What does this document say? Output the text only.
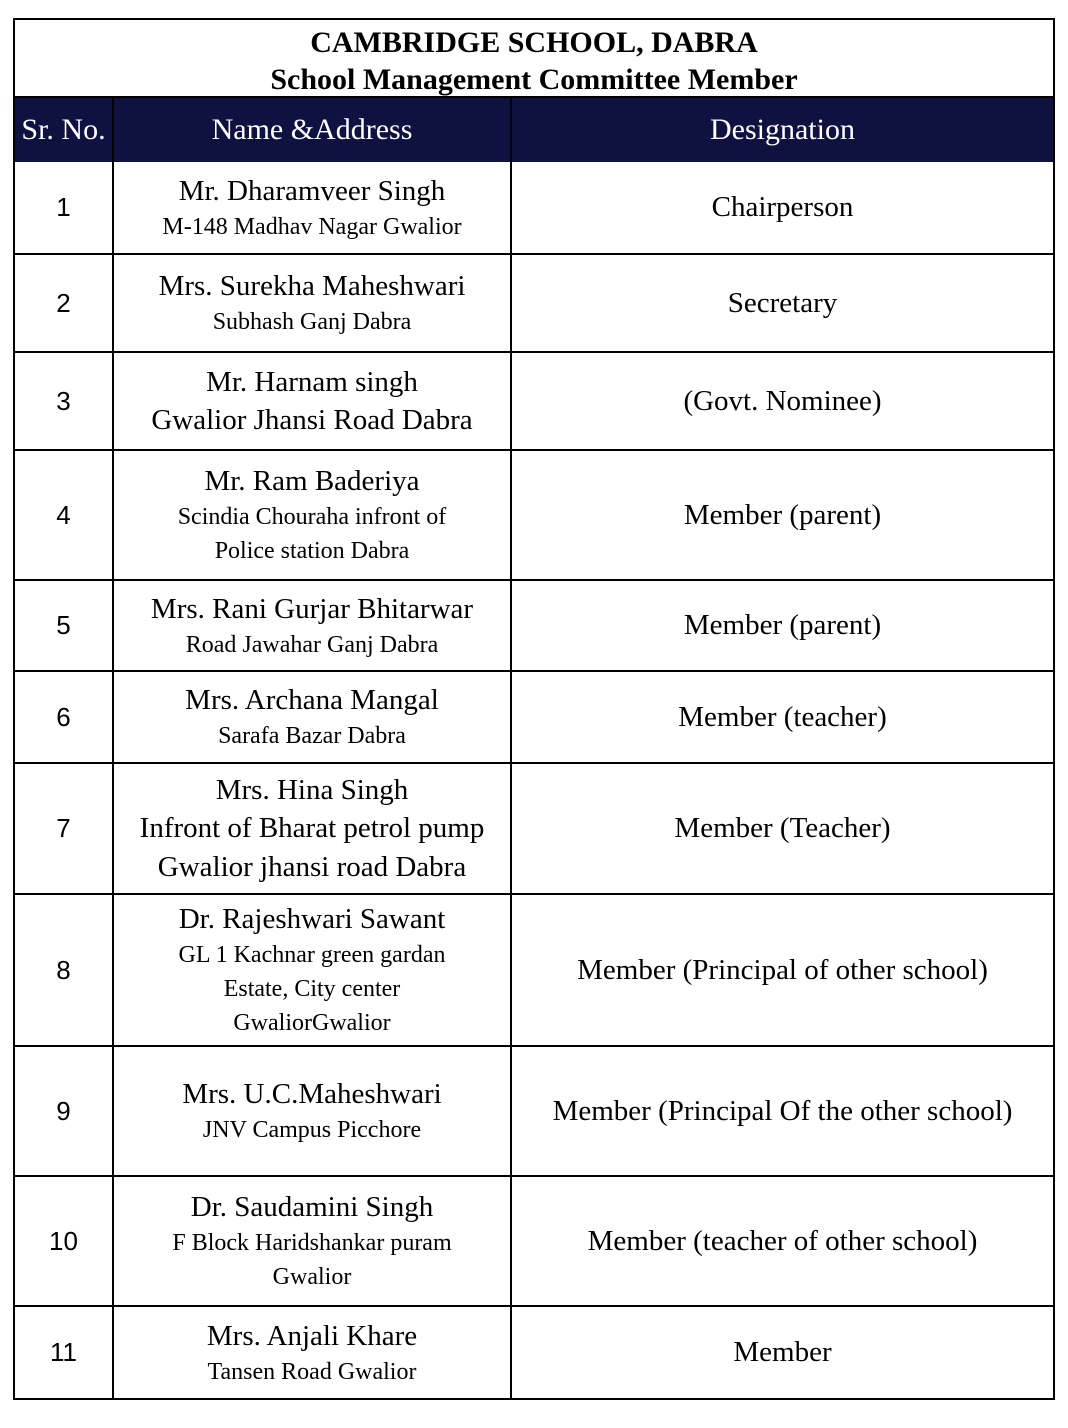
CAMBRIDGE SCHOOL, DABRA
School Management Committee Member
Sr. No.	Name &Address	Designation
1	Mr. Dharamveer Singh
M-148 Madhav Nagar Gwalior	Chairperson
2	Mrs. Surekha Maheshwari
Subhash Ganj Dabra	Secretary
3	Mr. Harnam singh
Gwalior Jhansi Road Dabra	(Govt. Nominee)
4	Mr. Ram Baderiya
Scindia Chouraha infront of
Police station Dabra	Member (parent)
5	Mrs. Rani Gurjar Bhitarwar
Road Jawahar Ganj Dabra	Member (parent)
6	Mrs. Archana Mangal
Sarafa Bazar Dabra	Member (teacher)
7	Mrs. Hina Singh
Infront of Bharat petrol pump
Gwalior jhansi road Dabra	Member (Teacher)
8	Dr. Rajeshwari Sawant
GL 1 Kachnar green gardan
Estate, City center
GwaliorGwalior	Member (Principal of other school)
9	Mrs. U.C.Maheshwari
JNV Campus Picchore	Member (Principal Of the other school)
10	Dr. Saudamini Singh
F Block Haridshankar puram
Gwalior	Member (teacher of other school)
11	Mrs. Anjali Khare
Tansen Road Gwalior	Member
